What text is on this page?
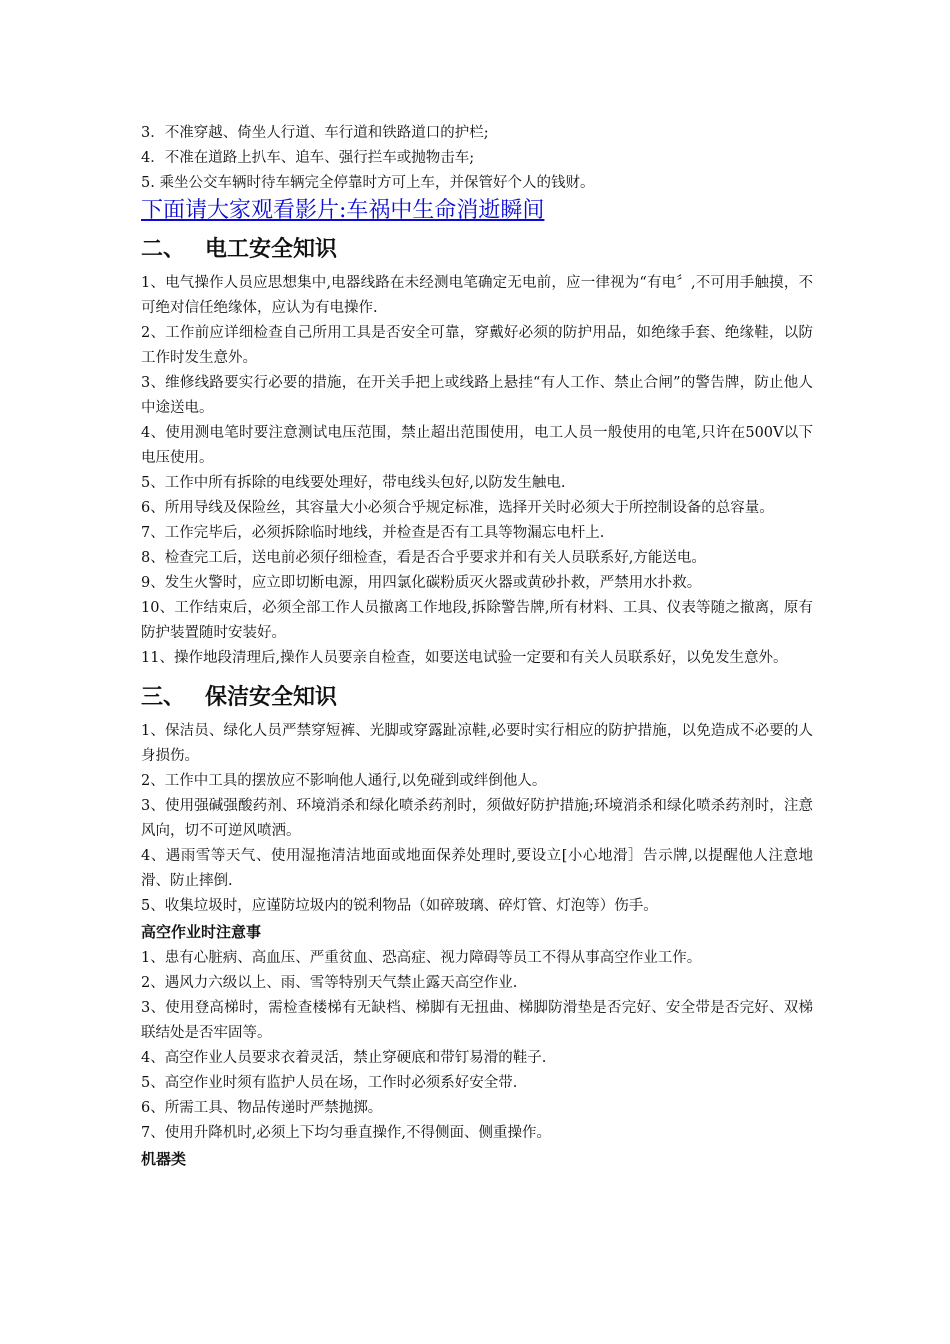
3．不准穿越、倚坐人行道、车行道和铁路道口的护栏;

4．不准在道路上扒车、追车、强行拦车或抛物击车;

5. 乘坐公交车辆时待车辆完全停靠时方可上车，并保管好个人的钱财。

下面请大家观看影片:车祸中生命消逝瞬间
二、 电工安全知识

1、电气操作人员应思想集中,电器线路在未经测电笔确定无电前，应一律视为“有电〞,不可用手触摸，不可绝对信任绝缘体，应认为有电操作.

2、工作前应详细检查自己所用工具是否安全可靠，穿戴好必须的防护用品，如绝缘手套、绝缘鞋，以防工作时发生意外。

3、维修线路要实行必要的措施，在开关手把上或线路上悬挂“有人工作、禁止合闸”的警告牌，防止他人中途送电。

4、使用测电笔时要注意测试电压范围，禁止超出范围使用，电工人员一般使用的电笔,只许在500V以下电压使用。

5、工作中所有拆除的电线要处理好，带电线头包好,以防发生触电.

6、所用导线及保险丝，其容量大小必须合乎规定标准，选择开关时必须大于所控制设备的总容量。

7、工作完毕后，必须拆除临时地线，并检查是否有工具等物漏忘电杆上.

8、检查完工后，送电前必须仔细检查，看是否合乎要求并和有关人员联系好,方能送电。

9、发生火警时，应立即切断电源，用四氯化碳粉质灭火器或黄砂扑救，严禁用水扑救。

10、工作结束后，必须全部工作人员撤离工作地段,拆除警告牌,所有材料、工具、仪表等随之撤离，原有防护装置随时安装好。

11、操作地段清理后,操作人员要亲自检查，如要送电试验一定要和有关人员联系好，以免发生意外。

三、 保洁安全知识

1、保洁员、绿化人员严禁穿短裤、光脚或穿露趾凉鞋,必要时实行相应的防护措施，以免造成不必要的人身损伤。

2、工作中工具的摆放应不影响他人通行,以免碰到或绊倒他人。

3、使用强碱强酸药剂、环境消杀和绿化喷杀药剂时，须做好防护措施;环境消杀和绿化喷杀药剂时，注意风向，切不可逆风喷洒。

4、遇雨雪等天气、使用湿拖清洁地面或地面保养处理时,要设立[小心地滑］告示牌,以提醒他人注意地滑、防止摔倒.

5、收集垃圾时，应谨防垃圾内的锐利物品（如碎玻璃、碎灯管、灯泡等）伤手。

高空作业时注意事

1、患有心脏病、高血压、严重贫血、恐高症、视力障碍等员工不得从事高空作业工作。

2、遇风力六级以上、雨、雪等特别天气禁止露天高空作业.

3、使用登高梯时，需检查楼梯有无缺档、梯脚有无扭曲、梯脚防滑垫是否完好、安全带是否完好、双梯联结处是否牢固等。

4、高空作业人员要求衣着灵活，禁止穿硬底和带钉易滑的鞋子.

5、高空作业时须有监护人员在场，工作时必须系好安全带.

6、所需工具、物品传递时严禁抛掷。

7、使用升降机时,必须上下均匀垂直操作,不得侧面、侧重操作。

机器类
